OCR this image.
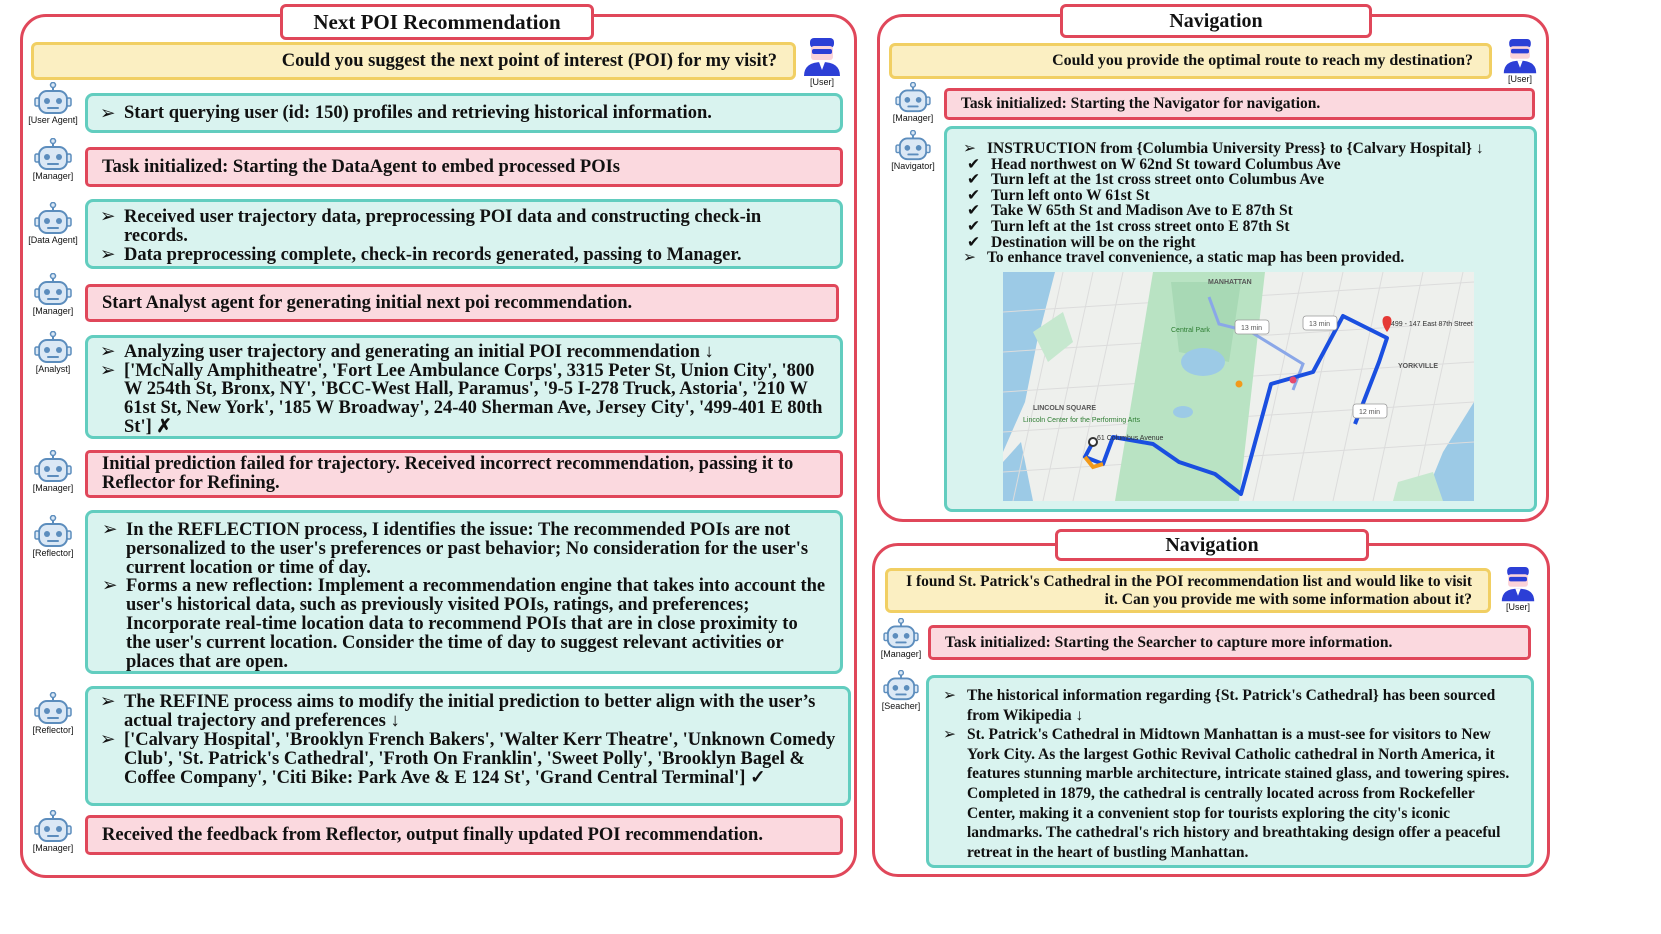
Next POI Recommendation
Could you suggest the next point of interest (POI) for my visit?
[User]
[User Agent]
➢	Start querying user (id: 150) profiles and retrieving historical information.
[Manager]	Task initialized: Starting the DataAgent to embed processed POIs
[Data Agent]
➢ Received user trajectory data, preprocessing POI data and constructing check-in records.
➢ Data preprocessing complete, check-in records generated, passing to Manager.
[Manager]	Start Analyst agent for generating initial next poi recommendation.
[Analyst]
➢ Analyzing user trajectory and generating an initial POI recommendation ↓
➢ ['McNally Amphitheatre', 'Fort Lee Ambulance Corps', 3315 Peter St, Union City', '800 W 254th St, Bronx, NY', 'BCC-West Hall, Paramus', '9-5 I-278 Truck, Astoria', '210 W 61st St, New York', '185 W Broadway', 24-40 Sherman Ave, Jersey City', '499-401 E 80th St'] ✗
[Manager]
Initial prediction failed for trajectory. Received incorrect recommendation, passing it to Reflector for Refining.
[Reflector]
➢ In the REFLECTION process, I identifies the issue: The recommended POIs are not personalized to the user's preferences or past behavior; No consideration for the user's current location or time of day.
➢ Forms a new reflection: Implement a recommendation engine that takes into account the user's historical data, such as previously visited POIs, ratings, and preferences; Incorporate real-time location data to recommend POIs that are in close proximity to the user's current location. Consider the time of day to suggest relevant activities or places that are open.
[Reflector]
➢ The REFINE process aims to modify the initial prediction to better align with the user’s actual trajectory and preferences ↓
➢ ['Calvary Hospital', 'Brooklyn French Bakers', 'Walter Kerr Theatre', 'Unknown Comedy Club', 'St. Patrick's Cathedral', 'Froth On Franklin', 'Sweet Polly', 'Brooklyn Bagel & Coffee Company', 'Citi Bike: Park Ave & E 124 St', 'Grand Central Terminal'] ✓
[Manager]
Received the feedback from Reflector, output finally updated POI recommendation.
Navigation
Could you provide the optimal route to reach my destination?
[User]
[Manager]
Task initialized: Starting the Navigator for navigation.
[Navigator]
➢ INSTRUCTION from {Columbia University Press} to {Calvary Hospital} ↓
✔ Head northwest on W 62nd St toward Columbus Ave
✔ Turn left at the 1st cross street onto Columbus Ave
✔ Turn left onto W 61st St
✔ Take W 65th St and Madison Ave to E 87th St
✔ Turn left at the 1st cross street onto E 87th St
✔ Destination will be on the right
➢ To enhance travel convenience, a static map has been provided.
MANHATTAN
YORKVILLE
LINCOLN SQUARE
Central Park
Lincoln Center for the Performing Arts
13 min
13 min
12 min
499 - 147 East 87th Street
61 Columbus Avenue
Navigation
I found St. Patrick's Cathedral in the POI recommendation list and would like to visit it. Can you provide me with some information about it?	[User]
[Manager]
Task initialized: Starting the Searcher to capture more information.
[Seacher]
➢ The historical information regarding {St. Patrick's Cathedral} has been sourced from Wikipedia ↓
➢ St. Patrick's Cathedral in Midtown Manhattan is a must-see for visitors to New York City. As the largest Gothic Revival Catholic cathedral in North America, it features stunning marble architecture, intricate stained glass, and towering spires. Completed in 1879, the cathedral is centrally located across from Rockefeller Center, making it a convenient stop for tourists exploring the city's iconic landmarks. The cathedral's rich history and breathtaking design offer a peaceful retreat in the heart of bustling Manhattan.
